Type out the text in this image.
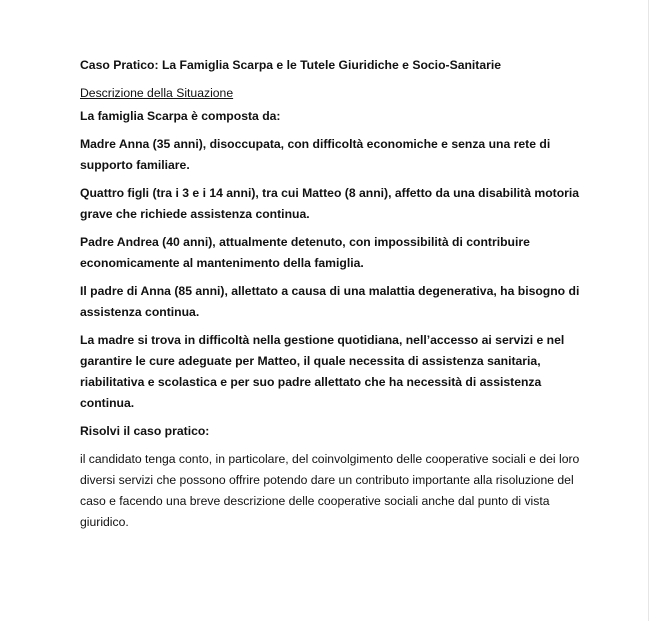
Caso Pratico: La Famiglia Scarpa e le Tutele Giuridiche e Socio-Sanitarie

Descrizione della Situazione

La famiglia Scarpa è composta da:

Madre Anna (35 anni), disoccupata, con difficoltà economiche e senza una rete di supporto familiare.

Quattro figli (tra i 3 e i 14 anni), tra cui Matteo (8 anni), affetto da una disabilità motoria grave che richiede assistenza continua.

Padre Andrea (40 anni), attualmente detenuto, con impossibilità di contribuire economicamente al mantenimento della famiglia.

Il padre di Anna (85 anni), allettato a causa di una malattia degenerativa, ha bisogno di assistenza continua.

La madre si trova in difficoltà nella gestione quotidiana, nell’accesso ai servizi e nel garantire le cure adeguate per Matteo, il quale necessita di assistenza sanitaria, riabilitativa e scolastica e per suo padre allettato che ha necessità di assistenza continua.

Risolvi il caso pratico:

il candidato tenga conto, in particolare, del coinvolgimento delle cooperative sociali e dei loro diversi servizi che possono offrire potendo dare un contributo importante alla risoluzione del caso e facendo una breve descrizione delle cooperative sociali anche dal punto di vista giuridico.
